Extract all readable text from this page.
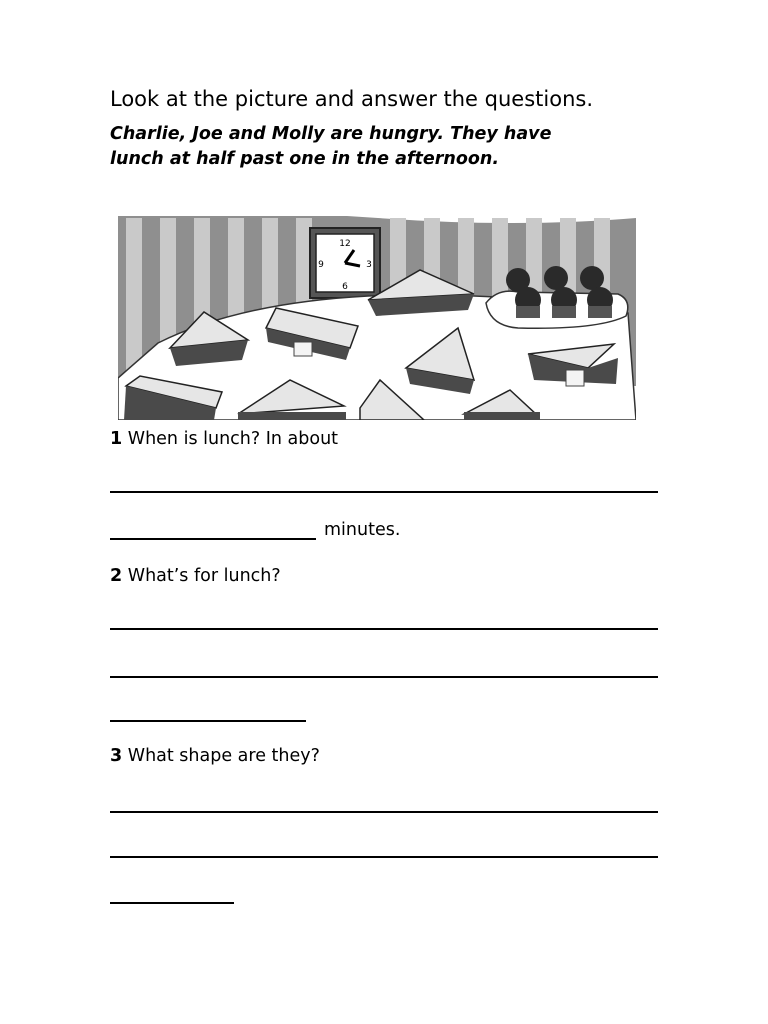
Look at the picture and answer the questions.
Charlie, Joe and Molly are hungry. They have
lunch at half past one in the afternoon.
12
3
6
9
1 When is lunch? In about
minutes.
2 What’s for lunch?
3 What shape are they?
